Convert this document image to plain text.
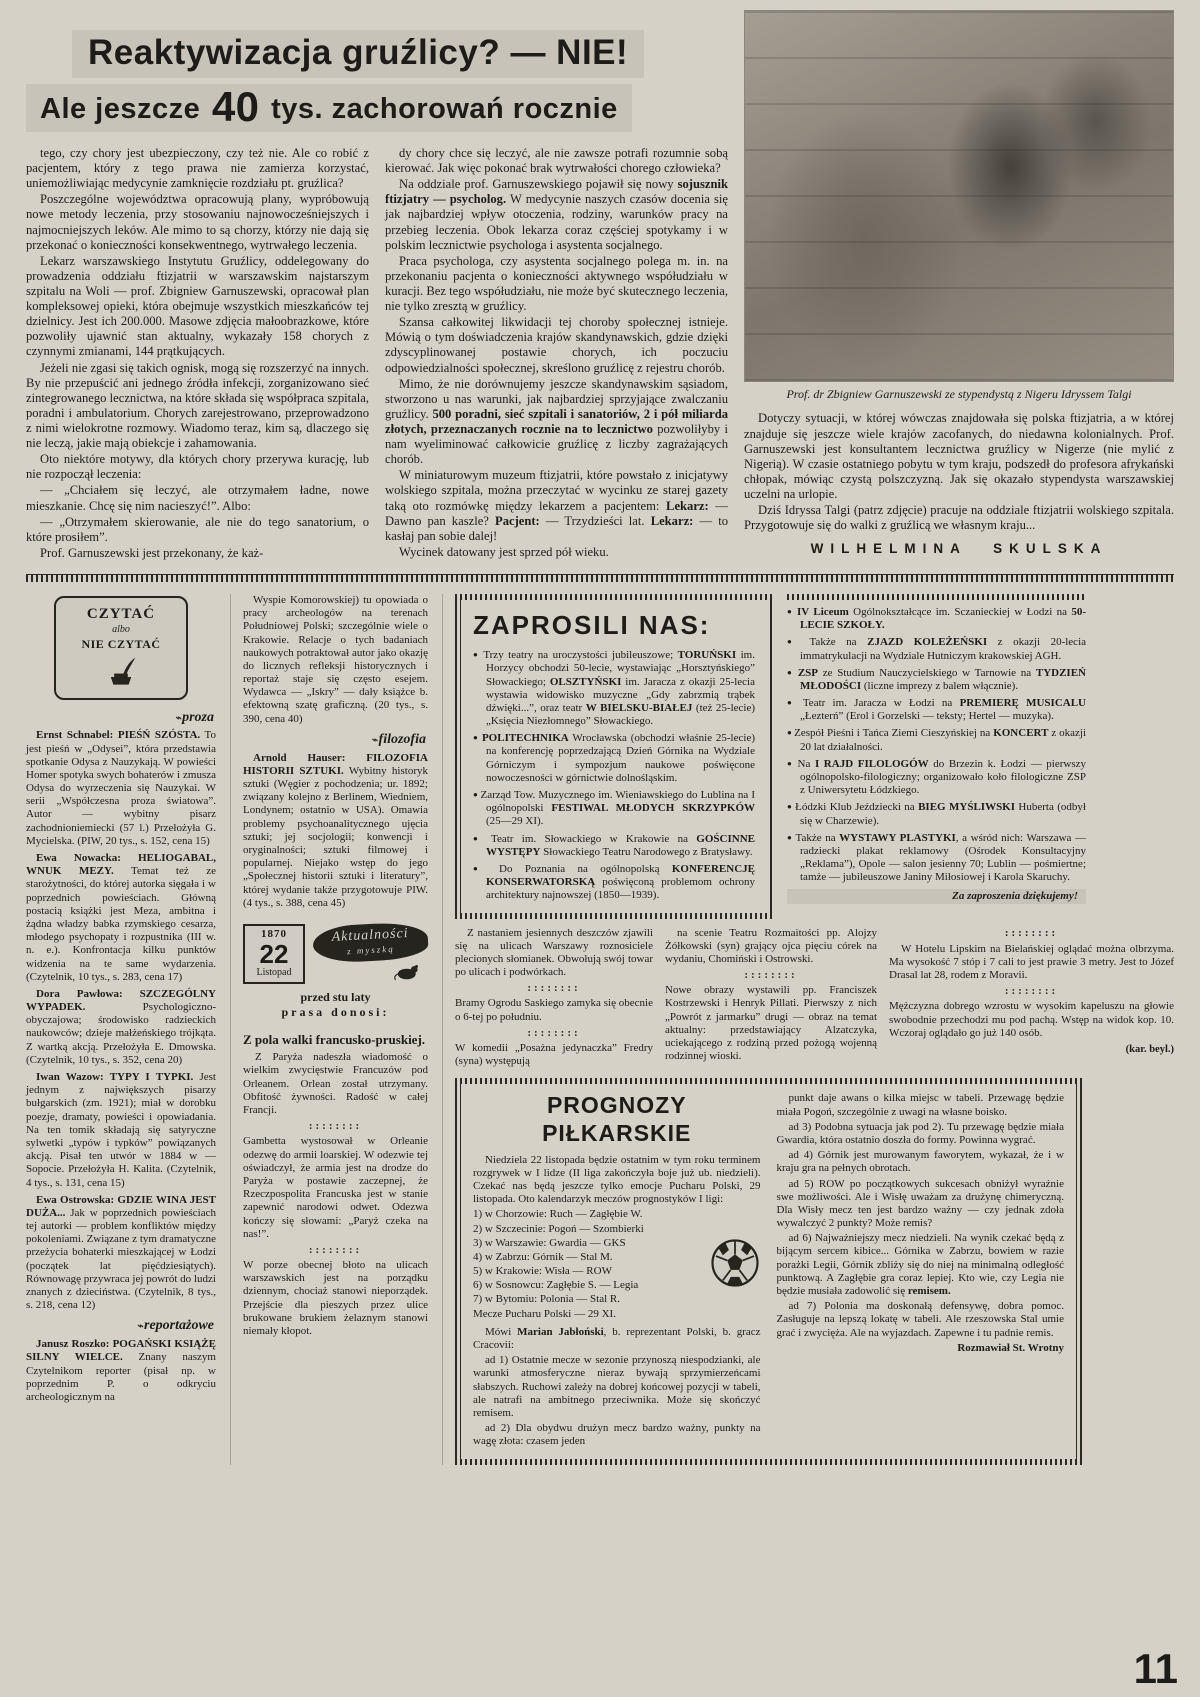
Reaktywizacja gruźlicy? — NIE!
Ale jeszcze 40 tys. zachorowań rocznie

tego, czy chory jest ubezpieczony, czy też nie. Ale co robić z pacjentem, który z tego prawa nie zamierza korzystać, uniemożliwiając medycynie zamknięcie rozdziału pt. gruźlica?

Poszczególne województwa opracowują plany, wypróbowują nowe metody leczenia, przy stosowaniu najnowocześniejszych i najmocniejszych leków. Ale mimo to są chorzy, którzy nie dają się przekonać o konieczności konsekwentnego, wytrwałego leczenia.

Lekarz warszawskiego Instytutu Gruźlicy, oddelegowany do prowadzenia oddziału ftizjatrii w warszawskim najstarszym szpitalu na Woli — prof. Zbigniew Garnuszewski, opracował plan kompleksowej opieki, która obejmuje wszystkich mieszkańców tej dzielnicy. Jest ich 200.000. Masowe zdjęcia małoobrazkowe, które pozwoliły ujawnić stan aktualny, wykazały 158 chorych z czynnymi zmianami, 144 prątkujących.

Jeżeli nie zgasi się takich ognisk, mogą się rozszerzyć na innych. By nie przepuścić ani jednego źródła infekcji, zorganizowano sieć zintegrowanego lecznictwa, na które składa się współpraca szpitala, poradni i ambulatorium. Chorych zarejestrowano, przeprowadzono z nimi wielokrotne rozmowy. Wiadomo teraz, kim są, dlaczego się nie leczą, jakie mają obiekcje i zahamowania.

Oto niektóre motywy, dla których chory przerywa kurację, lub nie rozpoczął leczenia:

— „Chciałem się leczyć, ale otrzymałem ładne, nowe mieszkanie. Chcę się nim nacieszyć!”. Albo:

— „Otrzymałem skierowanie, ale nie do tego sanatorium, o które prosiłem”.

Prof. Garnuszewski jest przekonany, że każ-

dy chory chce się leczyć, ale nie zawsze potrafi rozumnie sobą kierować. Jak więc pokonać brak wytrwałości chorego człowieka?

Na oddziale prof. Garnuszewskiego pojawił się nowy sojusznik ftizjatry — psycholog. W medycynie naszych czasów docenia się jak najbardziej wpływ otoczenia, rodziny, warunków pracy na przebieg leczenia. Obok lekarza coraz częściej spotykamy i w polskim lecznictwie psychologa i asystenta socjalnego.

Praca psychologa, czy asystenta socjalnego polega m. in. na przekonaniu pacjenta o konieczności aktywnego współudziału w kuracji. Bez tego współudziału, nie może być skutecznego leczenia, nie tylko zresztą w gruźlicy.

Szansa całkowitej likwidacji tej choroby społecznej istnieje. Mówią o tym doświadczenia krajów skandynawskich, gdzie dzięki zdyscyplinowanej postawie chorych, ich poczuciu odpowiedzialności społecznej, skreślono gruźlicę z rejestru chorób.

Mimo, że nie dorównujemy jeszcze skandynawskim sąsiadom, stworzono u nas warunki, jak najbardziej sprzyjające zwalczaniu gruźlicy. 500 poradni, sieć szpitali i sanatoriów, 2 i pół miliarda złotych, przeznaczanych rocznie na to lecznictwo pozwoliłyby i nam wyeliminować całkowicie gruźlicę z liczby zagrażających chorób.

W miniaturowym muzeum ftizjatrii, które powstało z inicjatywy wolskiego szpitala, można przeczytać w wycinku ze starej gazety taką oto rozmówkę między lekarzem a pacjentem: Lekarz: — Dawno pan kaszle? Pacjent: — Trzydzieści lat. Lekarz: — to kasłaj pan sobie dalej!

Wycinek datowany jest sprzed pół wieku.

Prof. dr Zbigniew Garnuszewski ze stypendystą z Nigeru Idryssem Talgi

Dotyczy sytuacji, w której wówczas znajdowała się polska ftizjatria, a w której znajduje się jeszcze wiele krajów zacofanych, do niedawna kolonialnych. Prof. Garnuszewski jest konsultantem lecznictwa gruźlicy w Nigerze (nie mylić z Nigerią). W czasie ostatniego pobytu w tym kraju, podszedł do profesora afrykański chłopak, mówiąc czystą polszczyzną. Jak się okazało stypendysta warszawskiej uczelni na urlopie.

Dziś Idryssa Talgi (patrz zdjęcie) pracuje na oddziale ftizjatrii wolskiego szpitala. Przygotowuje się do walki z gruźlicą we własnym kraju...

WILHELMINA SKULSKA
CZYTAĆ
albo
NIE CZYTAĆ
⌁ proza

Ernst Schnabel: PIEŚŃ SZÓSTA. To jest pieśń w „Odysei”, która przedstawia spotkanie Odysa z Nauzykają. W powieści Homer spotyka swych bohaterów i zmusza Odysa do wyrzeczenia się Nauzykai. W serii „Współczesna proza światowa”. Autor — wybitny pisarz zachodnioniemiecki (57 l.) Przełożyła G. Mycielska. (PIW, 20 tys., s. 152, cena 15)

Ewa Nowacka: HELIOGABAL, WNUK MEZY. Temat też ze starożytności, do której autorka sięgała i w poprzednich powieściach. Główną postacią książki jest Meza, ambitna i żądna władzy babka rzymskiego cesarza, młodego psychopaty i rozpustnika (III w. n. e.). Konfrontacja kilku punktów widzenia na te same wydarzenia. (Czytelnik, 10 tys., s. 283, cena 17)

Dora Pawłowa: SZCZEGÓLNY WYPADEK. Psychologiczno-obyczajowa; środowisko radzieckich naukowców; dzieje małżeńskiego trójkąta. Z wartką akcją. Przełożyła E. Dmowska. (Czytelnik, 10 tys., s. 352, cena 20)

Iwan Wazow: TYPY I TYPKI. Jest jednym z największych pisarzy bułgarskich (zm. 1921); miał w dorobku poezje, dramaty, powieści i opowiadania. Na ten tomik składają się satyryczne sylwetki „typów i typków” powiązanych akcją. Pisał ten utwór w 1884 w — Sopocie. Przełożyła H. Kalita. (Czytelnik, 4 tys., s. 131, cena 15)

Ewa Ostrowska: GDZIE WINA JEST DUŻA... Jak w poprzednich powieściach tej autorki — problem konfliktów między pokoleniami. Związane z tym dramatyczne przeżycia bohaterki mieszkającej w Łodzi (początek lat pięćdziesiątych). Równowagę przywraca jej powrót do ludzi znanych z dzieciństwa. (Czytelnik, 8 tys., s. 218, cena 12)

⌁ reportażowe

Janusz Roszko: POGAŃSKI KSIĄŻĘ SILNY WIELCE. Znany naszym Czytelnikom reporter (pisał np. w poprzednim P. o odkryciu archeologicznym na

Wyspie Komorowskiej) tu opowiada o pracy archeologów na terenach Południowej Polski; szczególnie wiele o Krakowie. Relacje o tych badaniach naukowych potraktował autor jako okazję do licznych refleksji historycznych i reportaż staje się często esejem. Wydawca — „Iskry” — dały książce b. efektowną szatę graficzną. (20 tys., s. 390, cena 40)

⌁ filozofia

Arnold Hauser: FILOZOFIA HISTORII SZTUKI. Wybitny historyk sztuki (Węgier z pochodzenia; ur. 1892; związany kolejno z Berlinem, Wiedniem, Londynem; ostatnio w USA). Omawia problemy psychoanalitycznego ujęcia sztuki; jej socjologii; konwencji i oryginalności; sztuki filmowej i popularnej. Niejako wstęp do jego „Społecznej historii sztuki i literatury”, której wydanie także przygotowuje PIW. (4 tys., s. 388, cena 45)

1870
22
Listopad
Aktualności
z myszką
przed stu laty
prasa donosi:
Z pola walki francusko-pruskiej.

Z Paryża nadeszła wiadomość o wielkim zwycięstwie Francuzów pod Orleanem. Orlean został utrzymany. Obfitość żywności. Radość w całej Francji.

:::::::: Gambetta wystosował w Orleanie odezwę do armii loarskiej. W odezwie tej oświadczył, że armia jest na drodze do Paryża w postawie zaczepnej, że Rzeczpospolita Francuska jest w stanie zapewnić narodowi odwet. Odezwa kończy się słowami: „Paryż czeka na nas!”.

:::::::: W porze obecnej błoto na ulicach warszawskich jest na porządku dziennym, chociaż stanowi nieporządek. Przejście dla pieszych przez ulice brukowane brukiem żelaznym stanowi niemały kłopot.

ZAPROSILI NAS:

● Trzy teatry na uroczystości jubileuszowe; TORUŃSKI im. Horzycy obchodzi 50-lecie, wystawiając „Horsztyńskiego” Słowackiego; OLSZTYŃSKI im. Jaracza z okazji 25-lecia wystawia widowisko muzyczne „Gdy zabrzmią trąbek dźwięki...”, oraz teatr W BIELSKU-BIAŁEJ (też 25-lecie) „Księcia Niezłomnego” Słowackiego.

● POLITECHNIKA Wrocławska (obchodzi właśnie 25-lecie) na konferencję poprzedzającą Dzień Górnika na Wydziale Górniczym i sympozjum naukowe poświęcone nowoczesności w górnictwie dolnośląskim.

● Zarząd Tow. Muzycznego im. Wieniawskiego do Lublina na I ogólnopolski FESTIWAL MŁODYCH SKRZYPKÓW (25—29 XI).

● Teatr im. Słowackiego w Krakowie na GOŚCINNE WYSTĘPY Słowackiego Teatru Narodowego z Bratysławy.

● Do Poznania na ogólnopolską KONFERENCJĘ KONSERWATORSKĄ poświęconą problemom ochrony architektury najnowszej (1850—1939).

● IV Liceum Ogólnokształcące im. Sczanieckiej w Łodzi na 50-LECIE SZKOŁY.

● Także na ZJAZD KOLEŻEŃSKI z okazji 20-lecia immatrykulacji na Wydziale Hutniczym krakowskiej AGH.

● ZSP ze Studium Nauczycielskiego w Tarnowie na TYDZIEŃ MŁODOŚCI (liczne imprezy z balem włącznie).

● Teatr im. Jaracza w Łodzi na PREMIERĘ MUSICALU „Łezterń” (Erol i Gorzelski — teksty; Hertel — muzyka).

● Zespół Pieśni i Tańca Ziemi Cieszyńskiej na KONCERT z okazji 20 lat działalności.

● Na I RAJD FILOLOGÓW do Brzezin k. Łodzi — pierwszy ogólnopolsko-filologiczny; organizowało koło filologiczne ZSP z Uniwersytetu Łódzkiego.

● Łódzki Klub Jeździecki na BIEG MYŚLIWSKI Huberta (odbył się w Charzewie).

● Także na WYSTAWY PLASTYKI, a wśród nich: Warszawa — radziecki plakat reklamowy (Ośrodek Konsultacyjny „Reklama”), Opole — salon jesienny 70; Lublin — pośmiertne; tamże — jubileuszowe Janiny Miłosiowej i Karola Skaruchy.

Za zaproszenia dziękujemy!

Z nastaniem jesiennych deszczów zjawili się na ulicach Warszawy roznosiciele plecionych słomianek. Obwołują swój towar po ulicach i podwórkach.

:::::::: Bramy Ogrodu Saskiego zamyka się obecnie o 6-tej po południu.

:::::::: W komedii „Posażna jedynaczka” Fredry (syna) występują

na scenie Teatru Rozmaitości pp. Alojzy Żółkowski (syn) grający ojca pięciu córek na wydaniu, Chomiński i Ostrowski.

:::::::: Nowe obrazy wystawili pp. Franciszek Kostrzewski i Henryk Pillati. Pierwszy z nich „Powrót z jarmarku” drugi — obraz na temat aktualny: przedstawiający Alzatczyka, uciekającego z rodziną przed pożogą wojenną rodzinnej wioski.

:::::::: W Hotelu Lipskim na Bielańskiej oglądać można olbrzyma. Ma wysokość 7 stóp i 7 cali to jest prawie 3 metry. Jest to Józef Drasal lat 28, rodem z Moravii.

:::::::: Mężczyzna dobrego wzrostu w wysokim kapeluszu na głowie swobodnie przechodzi mu pod pachą. Wstęp na widok kop. 10. Wczoraj oglądało go już 140 osób.

(kar. beyl.)
PROGNOZY PIŁKARSKIE

Niedziela 22 listopada będzie ostatnim w tym roku terminem rozgrywek w I lidze (II liga zakończyła boje już ub. niedzieli). Czekać nas będą jeszcze tylko emocje Pucharu Polski, 29 listopada. Oto kalendarzyk meczów prognostyków I ligi:

1) w Chorzowie: Ruch — Zagłębie W.
2) w Szczecinie: Pogoń — Szombierki
3) w Warszawie: Gwardia — GKS
4) w Zabrzu: Górnik — Stal M.
5) w Krakowie: Wisła — ROW
6) w Sosnowcu: Zagłębie S. — Legia
7) w Bytomiu: Polonia — Stal R.
Mecze Pucharu Polski — 29 XI.

Mówi Marian Jabłoński, b. reprezentant Polski, b. gracz Cracovii:

ad 1) Ostatnie mecze w sezonie przynoszą niespodzianki, ale warunki atmosferyczne nieraz bywają sprzymierzeńcami słabszych. Ruchowi zależy na dobrej końcowej pozycji w tabeli, ale natrafi na ambitnego przeciwnika. Może się skończyć remisem.

ad 2) Dla obydwu drużyn mecz bardzo ważny, punkty na wagę złota: czasem jeden

punkt daje awans o kilka miejsc w tabeli. Przewagę będzie miała Pogoń, szczególnie z uwagi na własne boisko.

ad 3) Podobna sytuacja jak pod 2). Tu przewagę będzie miała Gwardia, która ostatnio doszła do formy. Powinna wygrać.

ad 4) Górnik jest murowanym faworytem, wykazał, że i w kraju gra na pełnych obrotach.

ad 5) ROW po początkowych sukcesach obniżył wyraźnie swe możliwości. Ale i Wisłę uważam za drużynę chimeryczną. Dla Wisły mecz ten jest bardzo ważny — czy jednak zdoła wywalczyć 2 punkty? Może remis?

ad 6) Najważniejszy mecz niedzieli. Na wynik czekać będą z bijącym sercem kibice... Górnika w Zabrzu, bowiem w razie porażki Legii, Górnik zbliży się do niej na minimalną odległość punktową. A Zagłębie gra coraz lepiej. Kto wie, czy Legia nie będzie musiała zadowolić się remisem.

ad 7) Polonia ma doskonałą defensywę, dobra pomoc. Zasługuje na lepszą lokatę w tabeli. Ale rzeszowska Stal umie grać i zwycięża. Ale na wyjazdach. Zapewne i tu padnie remis.

Rozmawiał St. Wrotny

11
